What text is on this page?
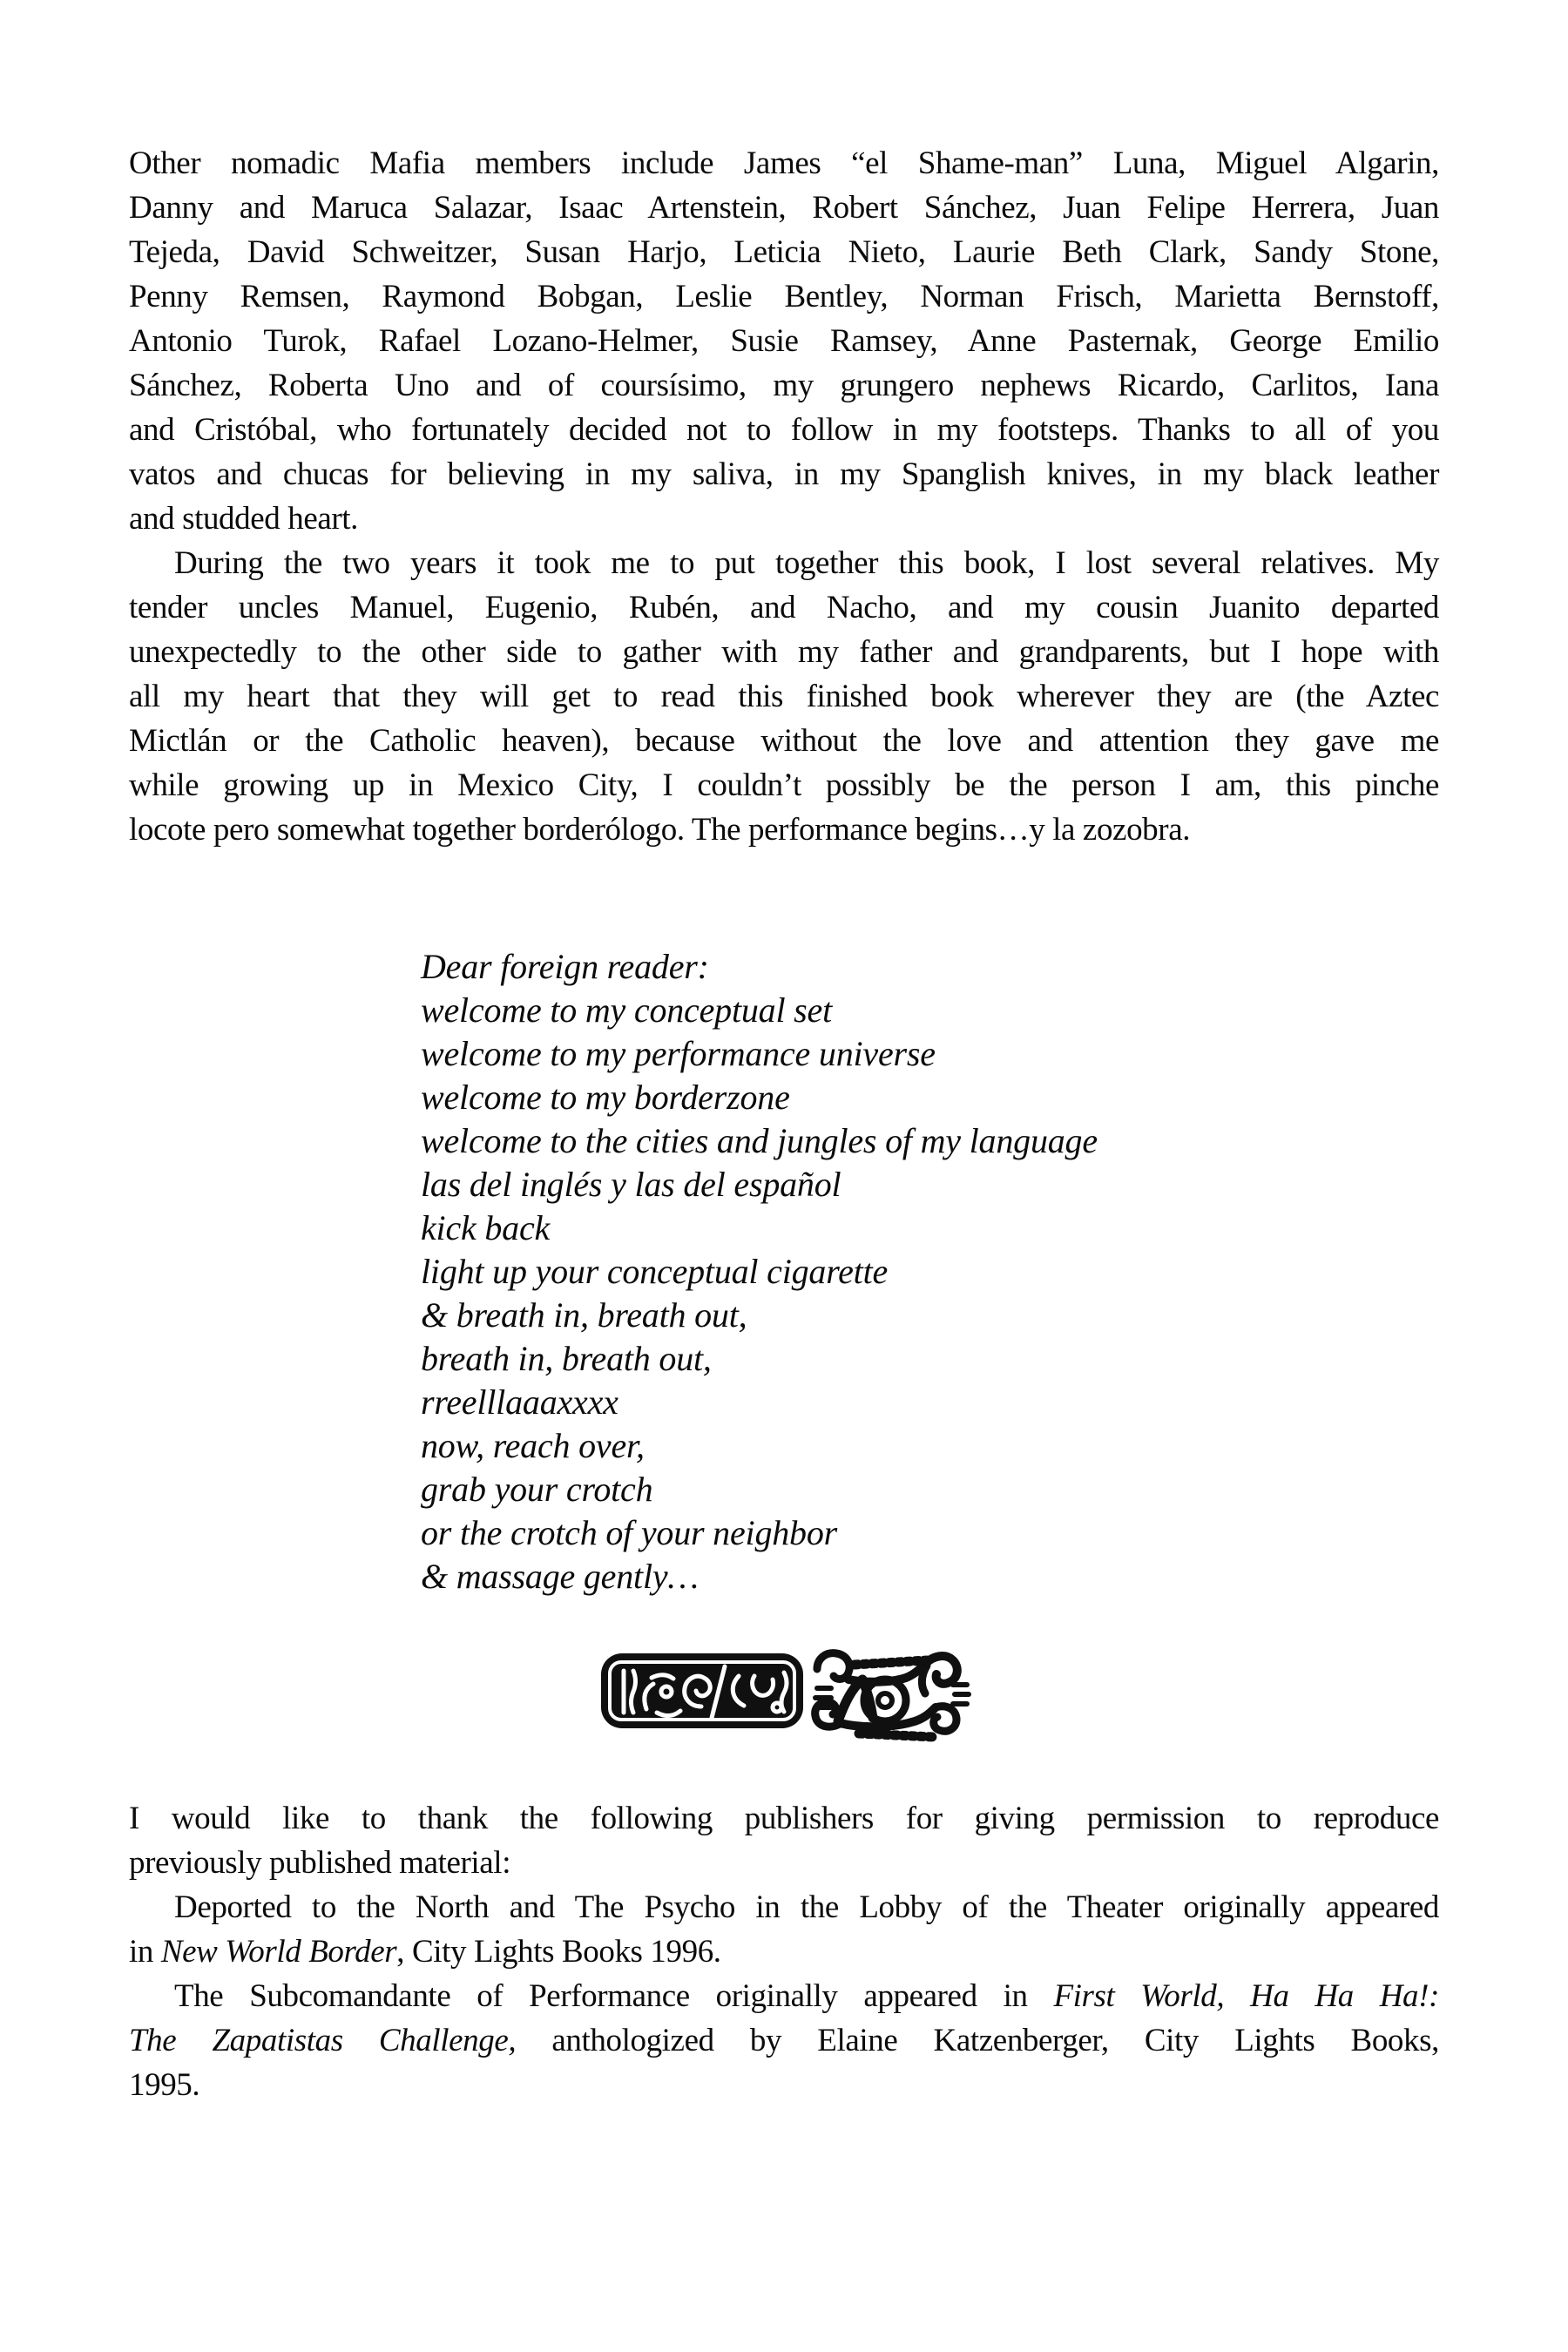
Other nomadic Mafia members include James “el Shame-man” Luna, Miguel Algarin,
Danny and Maruca Salazar, Isaac Artenstein, Robert Sánchez, Juan Felipe Herrera, Juan
Tejeda, David Schweitzer, Susan Harjo, Leticia Nieto, Laurie Beth Clark, Sandy Stone,
Penny Remsen, Raymond Bobgan, Leslie Bentley, Norman Frisch, Marietta Bernstoff,
Antonio Turok, Rafael Lozano-Helmer, Susie Ramsey, Anne Pasternak, George Emilio
Sánchez, Roberta Uno and of coursísimo, my grungero nephews Ricardo, Carlitos, Iana
and Cristóbal, who fortunately decided not to follow in my footsteps. Thanks to all of you
vatos and chucas for believing in my saliva, in my Spanglish knives, in my black leather
and studded heart.
During the two years it took me to put together this book, I lost several relatives. My
tender uncles Manuel, Eugenio, Rubén, and Nacho, and my cousin Juanito departed
unexpectedly to the other side to gather with my father and grandparents, but I hope with
all my heart that they will get to read this finished book wherever they are (the Aztec
Mictlán or the Catholic heaven), because without the love and attention they gave me
while growing up in Mexico City, I couldn’t possibly be the person I am, this pinche
locote pero somewhat together borderólogo. The performance begins…y la zozobra.
Dear foreign reader:
welcome to my conceptual set
welcome to my performance universe
welcome to my borderzone
welcome to the cities and jungles of my language
las del inglés y las del español
kick back
light up your conceptual cigarette
& breath in, breath out,
breath in, breath out,
rreelllaaaxxxx
now, reach over,
grab your crotch
or the crotch of your neighbor
& massage gently…
I would like to thank the following publishers for giving permission to reproduce
previously published material:
Deported to the North and The Psycho in the Lobby of the Theater originally appeared
in New World Border, City Lights Books 1996.
The Subcomandante of Performance originally appeared in First World, Ha Ha Ha!:
The Zapatistas Challenge, anthologized by Elaine Katzenberger, City Lights Books,
1995.
